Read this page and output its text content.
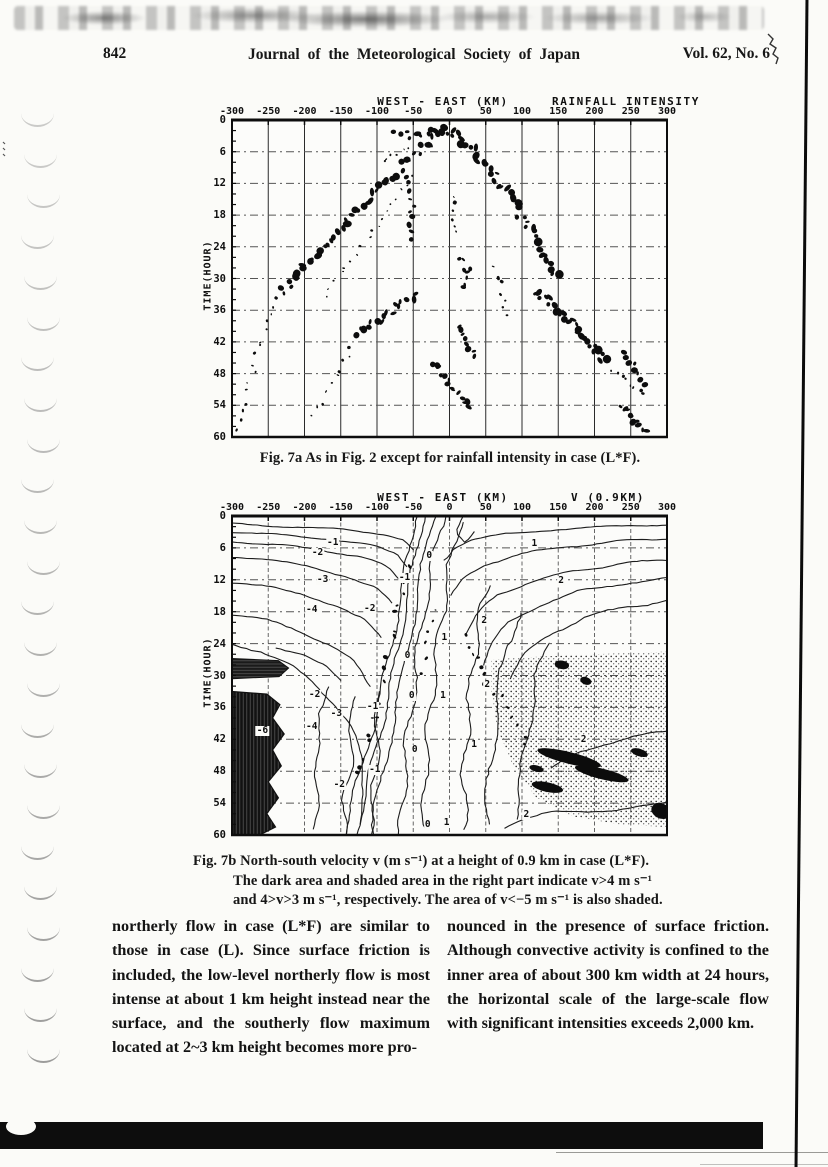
842	Journal of the Meteorological Society of Japan	Vol. 62, No. 6
WEST - EAST (KM)	RAINFALL INTENSITY
-300 -250 -200 -150 -100 -50 0	50 100 150 200 250 300
0
6
12
18
24
30
36
42
48
54
60
TIME(HOUR)
WEST - EAST (KM)	V (0.9KM)
-300 -250 -200 -150 -100 -50 0	50 100 150 200 250 300
0
6
12
18
24
30
36
42
48
54
60
TIME(HOUR)
-1
-2
-3
-4
1
2
0
-1
-2
1
2
0
2
0	1
-2
-3
-4
-6
-1
2
0	1
-1
-2
2
0 1
Fig. 7a As in Fig. 2 except for rainfall intensity in case (L*F).
Fig. 7b North-south velocity v (m s⁻¹) at a height of 0.9 km in case (L*F).
The dark area and shaded area in the right part indicate v>4 m s⁻¹
and 4>v>3 m s⁻¹, respectively. The area of v<−5 m s⁻¹ is also shaded.
northerly flow in case (L*F) are similar to those in case (L). Since surface friction is included, the low-level northerly flow is most intense at about 1 km height instead near the surface, and the southerly flow maximum located at 2~3 km height becomes more pro-
nounced in the presence of surface friction. Although convective activity is confined to the inner area of about 300 km width at 24 hours, the horizontal scale of the large-scale flow with significant intensities exceeds 2,000 km.
